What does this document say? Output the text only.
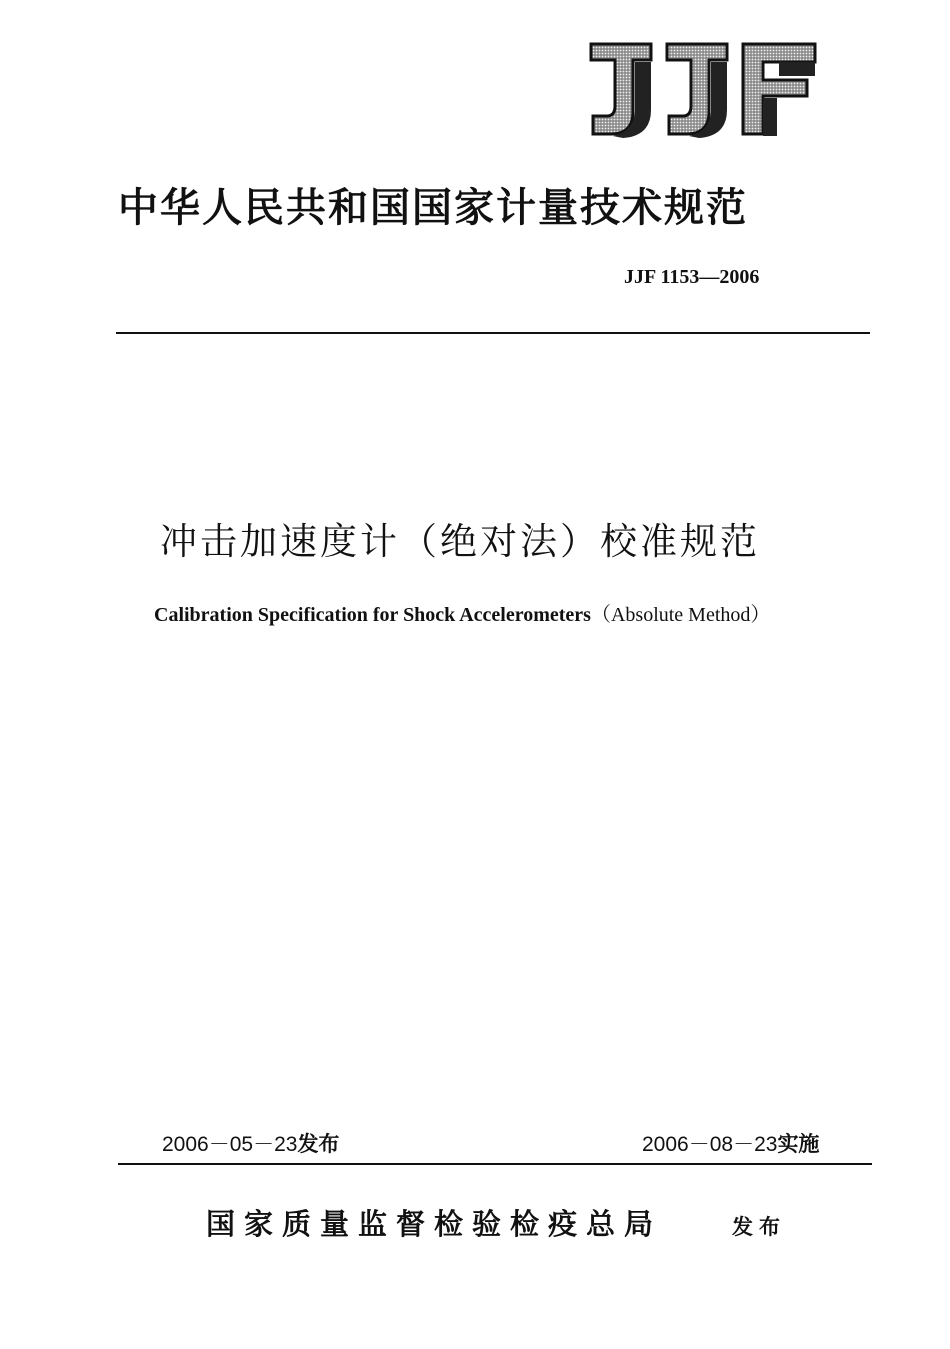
中华人民共和国国家计量技术规范
JJF 1153—2006
冲击加速度计（绝对法）校准规范
Calibration Specification for Shock Accelerometers（Absolute Method）
2006－05－23发布	2006－08－23实施
国家质量监督检验检疫总局	发布
